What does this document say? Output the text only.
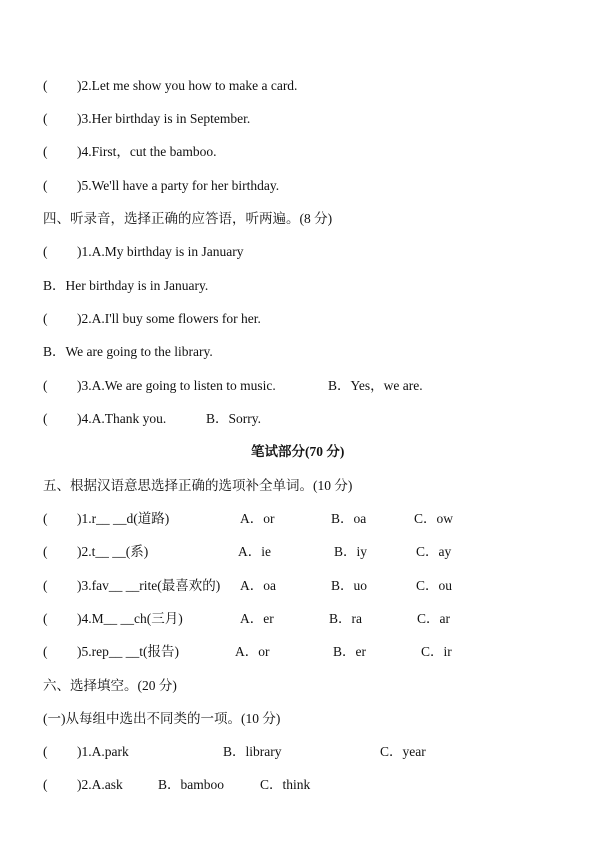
( )2.Let me show you how to make a card.
( )3.Her birthday is in September.
( )4.First，cut the bamboo.
( )5.We'll have a party for her birthday.
四、听录音，选择正确的应答语，听两遍。(8 分)
( )1.A.My birthday is in January
B．Her birthday is in January.
( )2.A.I'll buy some flowers for her.
B．We are going to the library.
( )3.A.We are going to listen to music.	B．Yes，we are.
( )4.A.Thank you.	B．Sorry.
笔试部分(70 分)
五、根据汉语意思选择正确的选项补全单词。(10 分)
( )1.r__ __d(道路)	A．or	B．oa	C．ow
( )2.t__ __(系)	A．ie	B．iy	C．ay
( )3.fav__ __rite(最喜欢的) A．oa	B．uo	C．ou
( )4.M__ __ch(三月)	A．er	B．ra	C．ar
( )5.rep__ __t(报告)	A．or	B．er	C．ir
六、选择填空。(20 分)
(一)从每组中选出不同类的一项。(10 分)
( )1.A.park	B．library	C．year
( )2.A.ask	B．bamboo	C．think
